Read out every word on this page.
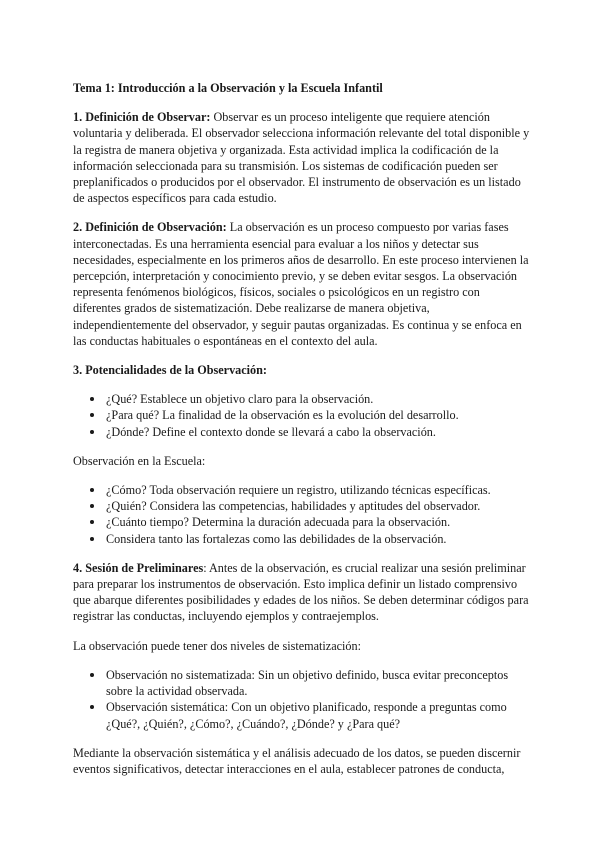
Tema 1: Introducción a la Observación y la Escuela Infantil

1. Definición de Observar: Observar es un proceso inteligente que requiere atención voluntaria y deliberada. El observador selecciona información relevante del total disponible y la registra de manera objetiva y organizada. Esta actividad implica la codificación de la información seleccionada para su transmisión. Los sistemas de codificación pueden ser preplanificados o producidos por el observador. El instrumento de observación es un listado de aspectos específicos para cada estudio.

2. Definición de Observación: La observación es un proceso compuesto por varias fases interconectadas. Es una herramienta esencial para evaluar a los niños y detectar sus necesidades, especialmente en los primeros años de desarrollo. En este proceso intervienen la percepción, interpretación y conocimiento previo, y se deben evitar sesgos. La observación representa fenómenos biológicos, físicos, sociales o psicológicos en un registro con diferentes grados de sistematización. Debe realizarse de manera objetiva, independientemente del observador, y seguir pautas organizadas. Es continua y se enfoca en las conductas habituales o espontáneas en el contexto del aula.

3. Potencialidades de la Observación:

¿Qué? Establece un objetivo claro para la observación.
¿Para qué? La finalidad de la observación es la evolución del desarrollo.
¿Dónde? Define el contexto donde se llevará a cabo la observación.

Observación en la Escuela:

¿Cómo? Toda observación requiere un registro, utilizando técnicas específicas.
¿Quién? Considera las competencias, habilidades y aptitudes del observador.
¿Cuánto tiempo? Determina la duración adecuada para la observación.
Considera tanto las fortalezas como las debilidades de la observación.

4. Sesión de Preliminares: Antes de la observación, es crucial realizar una sesión preliminar para preparar los instrumentos de observación. Esto implica definir un listado comprensivo que abarque diferentes posibilidades y edades de los niños. Se deben determinar códigos para registrar las conductas, incluyendo ejemplos y contraejemplos.

La observación puede tener dos niveles de sistematización:

Observación no sistematizada: Sin un objetivo definido, busca evitar preconceptos sobre la actividad observada.
Observación sistemática: Con un objetivo planificado, responde a preguntas como ¿Qué?, ¿Quién?, ¿Cómo?, ¿Cuándo?, ¿Dónde? y ¿Para qué?

Mediante la observación sistemática y el análisis adecuado de los datos, se pueden discernir eventos significativos, detectar interacciones en el aula, establecer patrones de conducta,
